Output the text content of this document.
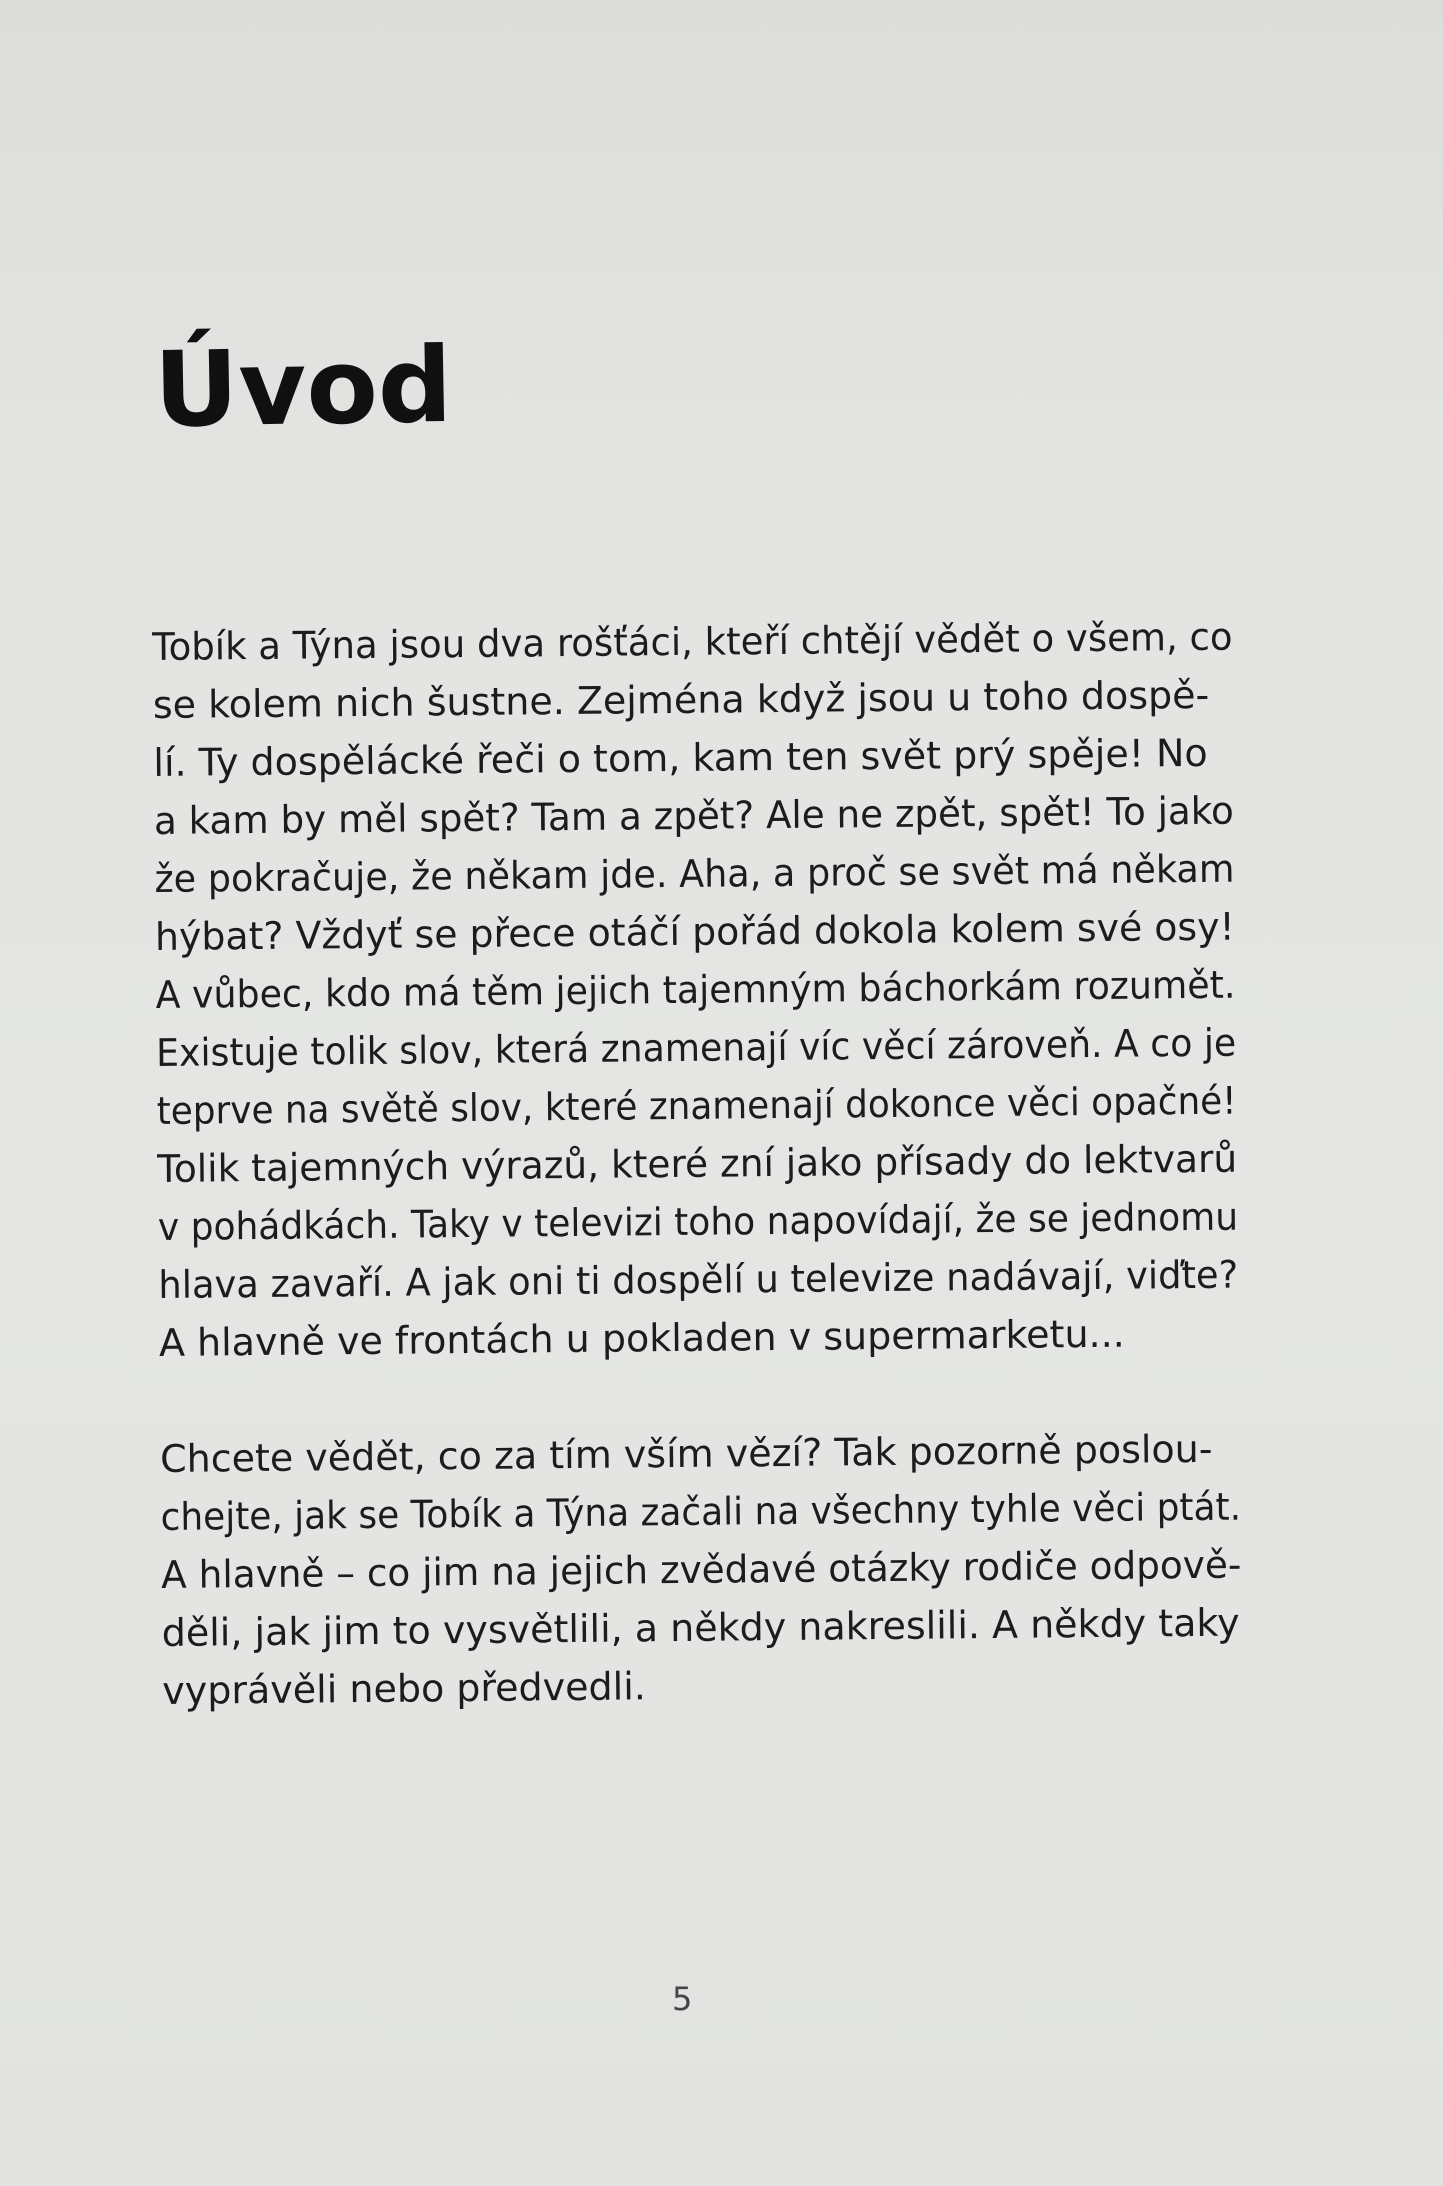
Úvod
Tobík a Týna jsou dva rošťáci, kteří chtějí vědět o všem, co
se kolem nich šustne. Zejména když jsou u toho dospě-
lí. Ty dospělácké řeči o tom, kam ten svět prý spěje! No
a kam by měl spět? Tam a zpět? Ale ne zpět, spět! To jako
že pokračuje, že někam jde. Aha, a proč se svět má někam
hýbat? Vždyť se přece otáčí pořád dokola kolem své osy!
A vůbec, kdo má těm jejich tajemným báchorkám rozumět.
Existuje tolik slov, která znamenají víc věcí zároveň. A co je
teprve na světě slov, které znamenají dokonce věci opačné!
Tolik tajemných výrazů, které zní jako přísady do lektvarů
v pohádkách. Taky v televizi toho napovídají, že se jednomu
hlava zavaří. A jak oni ti dospělí u televize nadávají, viďte?
A hlavně ve frontách u pokladen v supermarketu...
Chcete vědět, co za tím vším vězí? Tak pozorně poslou-
chejte, jak se Tobík a Týna začali na všechny tyhle věci ptát.
A hlavně – co jim na jejich zvědavé otázky rodiče odpově-
děli, jak jim to vysvětlili, a někdy nakreslili. A někdy taky
vyprávěli nebo předvedli.
5
